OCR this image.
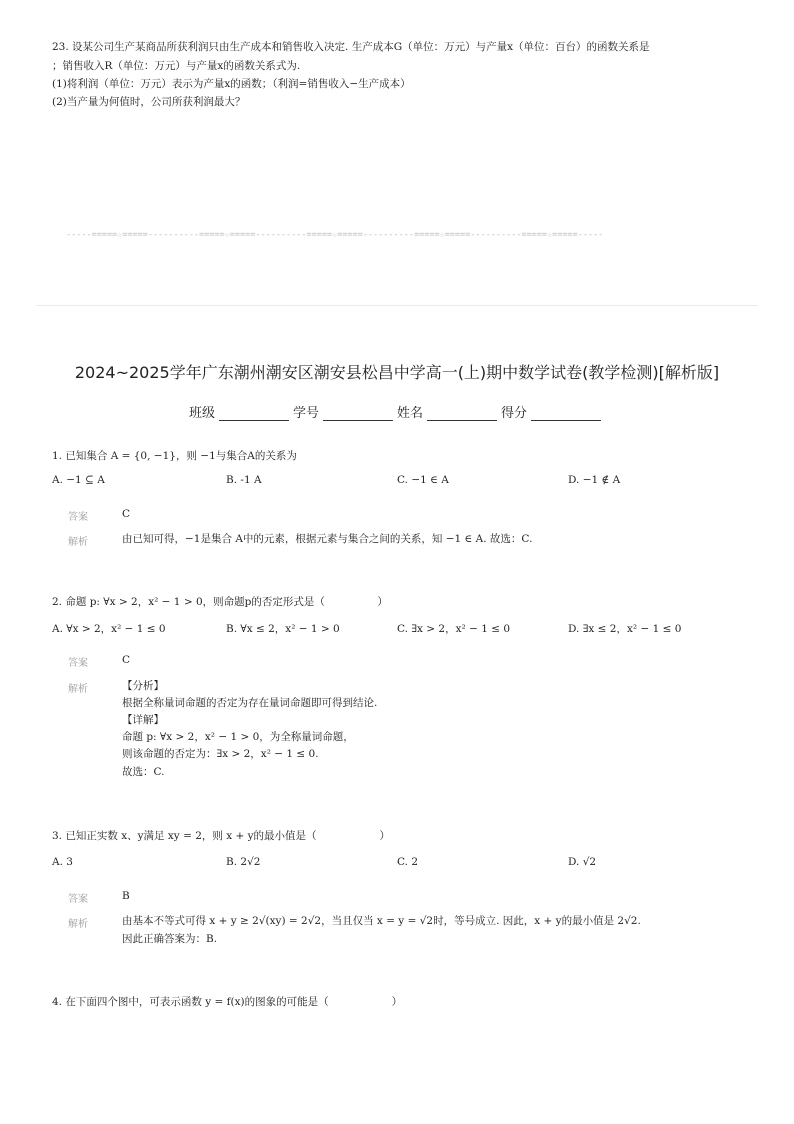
23. 设某公司生产某商品所获利润只由生产成本和销售收入决定. 生产成本G（单位：万元）与产量x（单位：百台）的函数关系是
；销售收入R（单位：万元）与产量x的函数关系式为.
(1)将利润（单位：万元）表示为产量x的函数；（利润=销售收入−生产成本）
(2)当产量为何值时，公司所获利润最大？
-----=====☆=====----------=====☆=====----------=====☆=====----------=====☆=====----------=====☆=====-----
2024~2025学年广东潮州潮安区潮安县松昌中学高一(上)期中数学试卷(教学检测)[解析版]
班级	学号	姓名	得分
1. 已知集合 A = {0, −1}，则 −1与集合A的关系为
A. −1 ⊆ A	B. -1 A	C. −1 ∈ A	D. −1 ∉ A
答案	C
解析	由已知可得，−1是集合 A中的元素，根据元素与集合之间的关系，知 −1 ∈ A. 故选：C.
2. 命题 p: ∀x > 2，x² − 1 > 0，则命题p的否定形式是（　　　　　）
A. ∀x > 2，x² − 1 ≤ 0	B. ∀x ≤ 2，x² − 1 > 0	C. ∃x > 2，x² − 1 ≤ 0	D. ∃x ≤ 2，x² − 1 ≤ 0
答案	C
解析	【分析】
根据全称量词命题的否定为存在量词命题即可得到结论.
【详解】
命题 p: ∀x > 2，x² − 1 > 0，为全称量词命题，
则该命题的否定为：∃x > 2，x² − 1 ≤ 0.
故选：C.
3. 已知正实数 x、y满足 xy = 2，则 x + y的最小值是（　　　　　　）
A. 3	B. 2√2	C. 2	D. √2
答案	B
解析	由基本不等式可得 x + y ≥ 2√(xy) = 2√2，当且仅当 x = y = √2时，等号成立. 因此，x + y的最小值是 2√2.
因此正确答案为：B.
4. 在下面四个图中，可表示函数 y = f(x)的图象的可能是（　　　　　　）
